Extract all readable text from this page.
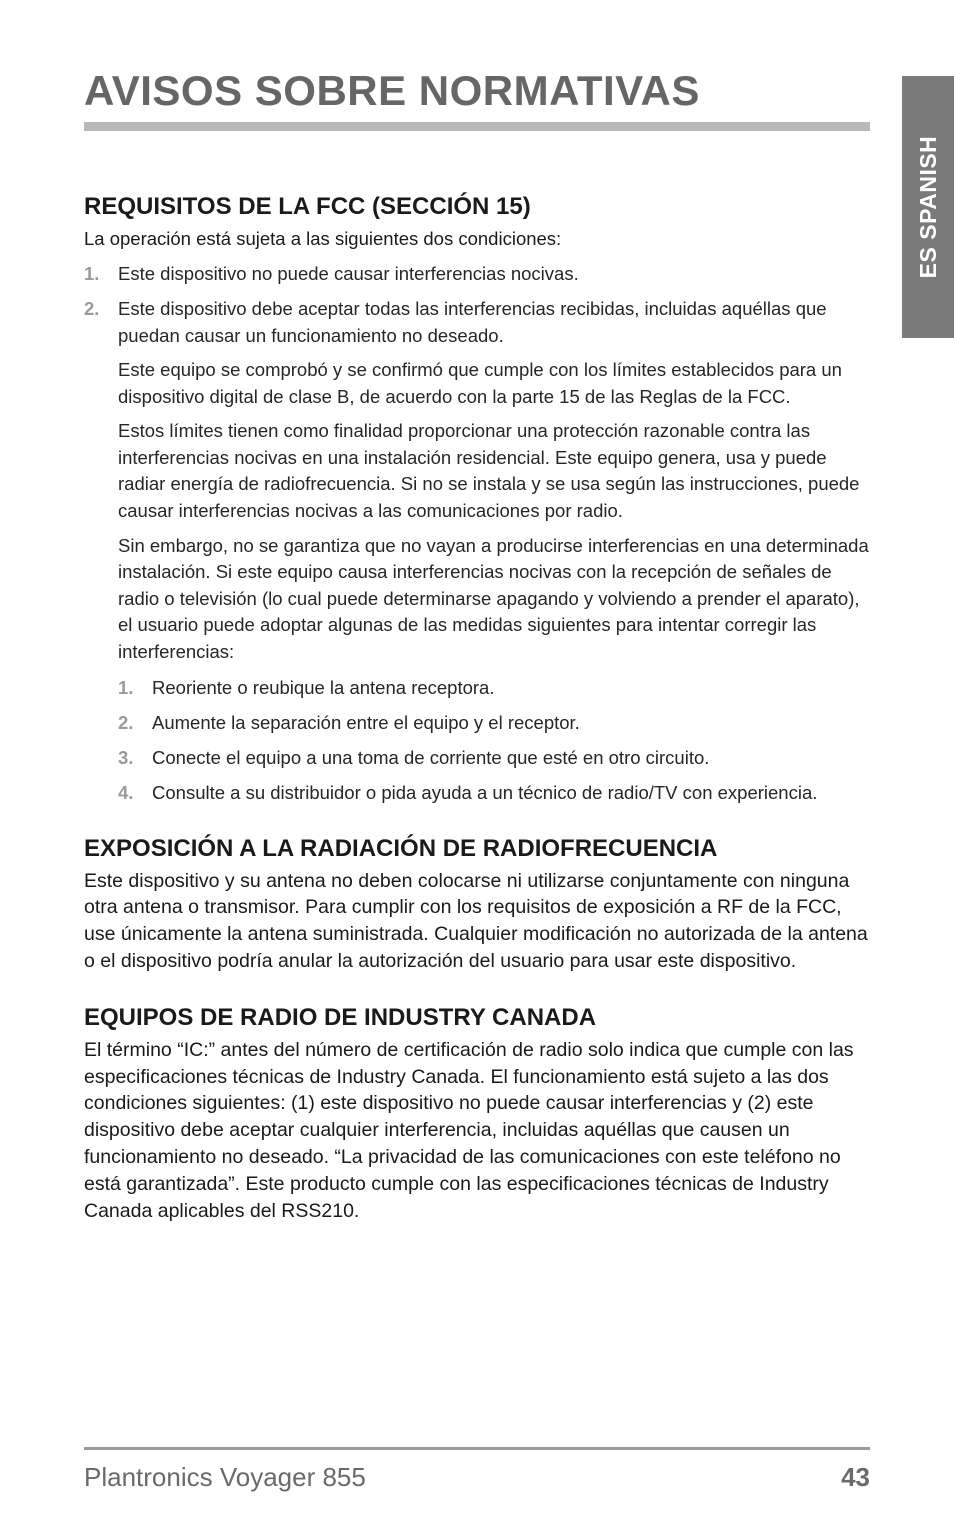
AVISOS SOBRE NORMATIVAS
ES SPANISH
REQUISITOS DE LA FCC (SECCIÓN 15)

La operación está sujeta a las siguientes dos condiciones:

1. Este dispositivo no puede causar interferencias nocivas.
2. Este dispositivo debe aceptar todas las interferencias recibidas, incluidas aquéllas que puedan causar un funcionamiento no deseado.

Este equipo se comprobó y se confirmó que cumple con los límites establecidos para un dispositivo digital de clase B, de acuerdo con la parte 15 de las Reglas de la FCC.

Estos límites tienen como finalidad proporcionar una protección razonable contra las interferencias nocivas en una instalación residencial. Este equipo genera, usa y puede radiar energía de radiofrecuencia. Si no se instala y se usa según las instrucciones, puede causar interferencias nocivas a las comunicaciones por radio.

Sin embargo, no se garantiza que no vayan a producirse interferencias en una determinada instalación. Si este equipo causa interferencias nocivas con la recepción de señales de radio o televisión (lo cual puede determinarse apagando y volviendo a prender el aparato), el usuario puede adoptar algunas de las medidas siguientes para intentar corregir las interferencias:

1. Reoriente o reubique la antena receptora.
2. Aumente la separación entre el equipo y el receptor.
3. Conecte el equipo a una toma de corriente que esté en otro circuito.
4. Consulte a su distribuidor o pida ayuda a un técnico de radio/TV con experiencia.
EXPOSICIÓN A LA RADIACIÓN DE RADIOFRECUENCIA

Este dispositivo y su antena no deben colocarse ni utilizarse conjuntamente con ninguna otra antena o transmisor. Para cumplir con los requisitos de exposición a RF de la FCC, use únicamente la antena suministrada. Cualquier modificación no autorizada de la antena o el dispositivo podría anular la autorización del usuario para usar este dispositivo.

EQUIPOS DE RADIO DE INDUSTRY CANADA

El término “IC:” antes del número de certificación de radio solo indica que cumple con las especificaciones técnicas de Industry Canada. El funcionamiento está sujeto a las dos condiciones siguientes: (1) este dispositivo no puede causar interferencias y (2) este dispositivo debe aceptar cualquier interferencia, incluidas aquéllas que causen un funcionamiento no deseado. “La privacidad de las comunicaciones con este teléfono no está garantizada”. Este producto cumple con las especificaciones técnicas de Industry Canada aplicables del RSS210.

Plantronics Voyager 855	43
